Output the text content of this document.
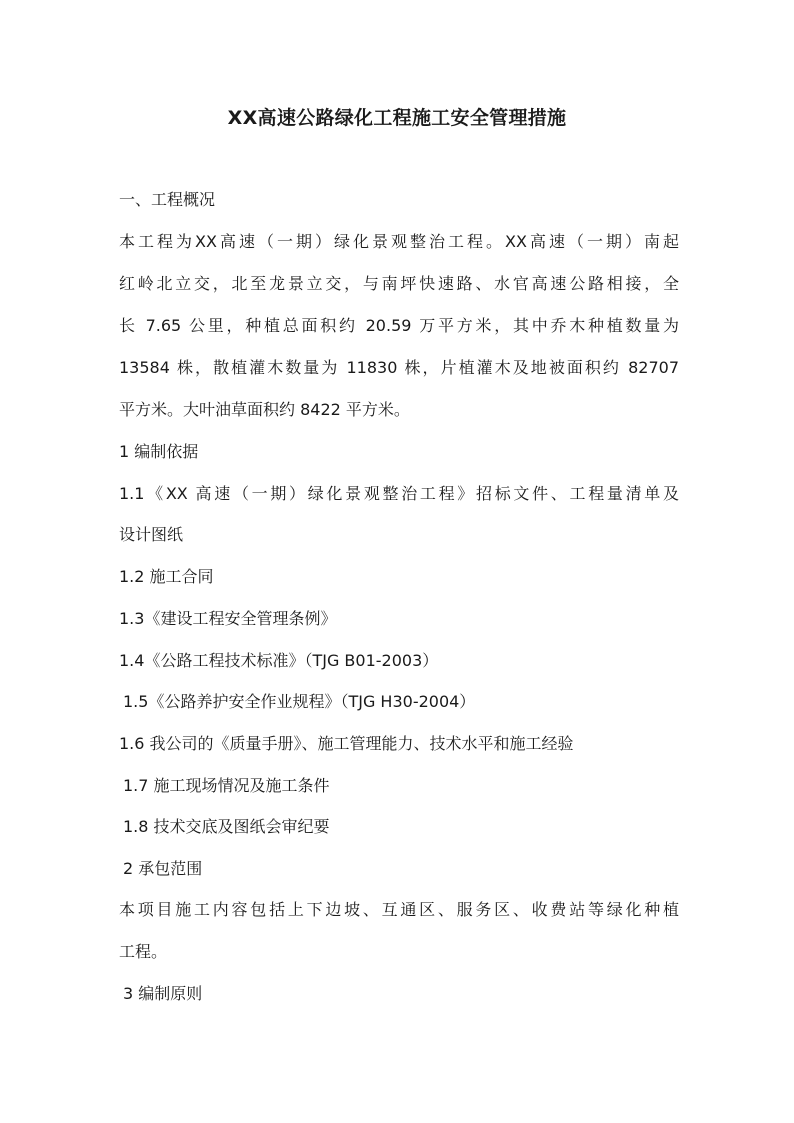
XX高速公路绿化工程施工安全管理措施
一、工程概况
本工程为XX高速（一期）绿化景观整治工程。XX高速（一期）南起
红岭北立交，北至龙景立交，与南坪快速路、水官高速公路相接，全
长 7.65 公里，种植总面积约 20.59 万平方米，其中乔木种植数量为
13584 株，散植灌木数量为 11830 株，片植灌木及地被面积约 82707
平方米。大叶油草面积约 8422 平方米。
1 编制依据
1.1《XX 高速（一期）绿化景观整治工程》招标文件、工程量清单及
设计图纸
1.2 施工合同
1.3《建设工程安全管理条例》
1.4《公路工程技术标准》（TJG B01-2003）
1.5《公路养护安全作业规程》（TJG H30-2004）
1.6 我公司的《质量手册》、施工管理能力、技术水平和施工经验
1.7 施工现场情况及施工条件
1.8 技术交底及图纸会审纪要
2 承包范围
本项目施工内容包括上下边坡、互通区、服务区、收费站等绿化种植
工程。
3 编制原则
